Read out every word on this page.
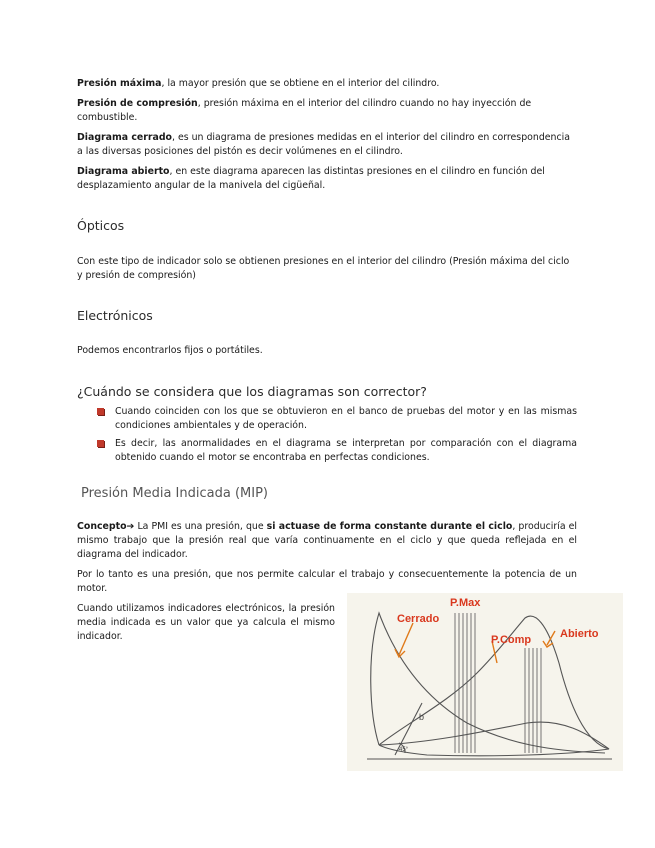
Presión máxima, la mayor presión que se obtiene en el interior del cilindro.

Presión de compresión, presión máxima en el interior del cilindro cuando no hay inyección de combustible.

Diagrama cerrado, es un diagrama de presiones medidas en el interior del cilindro en correspondencia a las diversas posiciones del pistón es decir volúmenes en el cilindro.

Diagrama abierto, en este diagrama aparecen las distintas presiones en el cilindro en función del desplazamiento angular de la manivela del cigüeñal.

Ópticos

Con este tipo de indicador solo se obtienen presiones en el interior del cilindro (Presión máxima del ciclo y presión de compresión)

Electrónicos

Podemos encontrarlos fijos o portátiles.

¿Cuándo se considera que los diagramas son corrector?
Cuando coinciden con los que se obtuvieron en el banco de pruebas del motor y en las mismas condiciones ambientales y de operación.
Es decir, las anormalidades en el diagrama se interpretan por comparación con el diagrama obtenido cuando el motor se encontraba en perfectas condiciones.
Presión Media Indicada (MIP)

Concepto➔ La PMI es una presión, que si actuase de forma constante durante el ciclo, produciría el mismo trabajo que la presión real que varía continuamente en el ciclo y que queda reflejada en el diagrama del indicador.

Por lo tanto es una presión, que nos permite calcular el trabajo y consecuentemente la potencia de un motor.

Cuando utilizamos indicadores electrónicos, la presión media indicada es un valor que ya calcula el mismo indicador.

Cerrado
P.Max
P.Comp	Abierto
b
45°
